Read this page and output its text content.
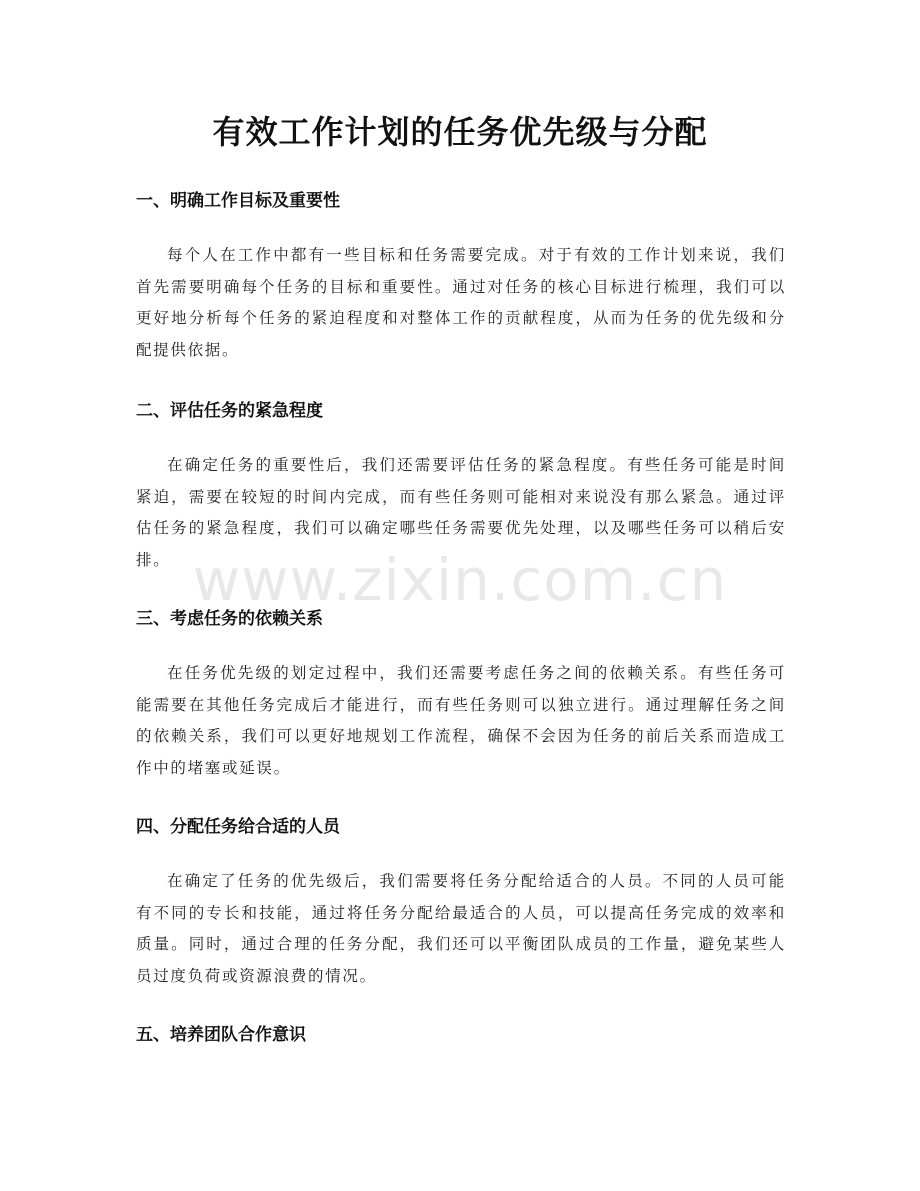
有效工作计划的任务优先级与分配
一、明确工作目标及重要性

每个人在工作中都有一些目标和任务需要完成。对于有效的工作计划来说，我们首先需要明确每个任务的目标和重要性。通过对任务的核心目标进行梳理，我们可以更好地分析每个任务的紧迫程度和对整体工作的贡献程度，从而为任务的优先级和分配提供依据。

二、评估任务的紧急程度

在确定任务的重要性后，我们还需要评估任务的紧急程度。有些任务可能是时间紧迫，需要在较短的时间内完成，而有些任务则可能相对来说没有那么紧急。通过评估任务的紧急程度，我们可以确定哪些任务需要优先处理，以及哪些任务可以稍后安排。

三、考虑任务的依赖关系

在任务优先级的划定过程中，我们还需要考虑任务之间的依赖关系。有些任务可能需要在其他任务完成后才能进行，而有些任务则可以独立进行。通过理解任务之间的依赖关系，我们可以更好地规划工作流程，确保不会因为任务的前后关系而造成工作中的堵塞或延误。

四、分配任务给合适的人员

在确定了任务的优先级后，我们需要将任务分配给适合的人员。不同的人员可能有不同的专长和技能，通过将任务分配给最适合的人员，可以提高任务完成的效率和质量。同时，通过合理的任务分配，我们还可以平衡团队成员的工作量，避免某些人员过度负荷或资源浪费的情况。

五、培养团队合作意识
www.zixin.com.cn
